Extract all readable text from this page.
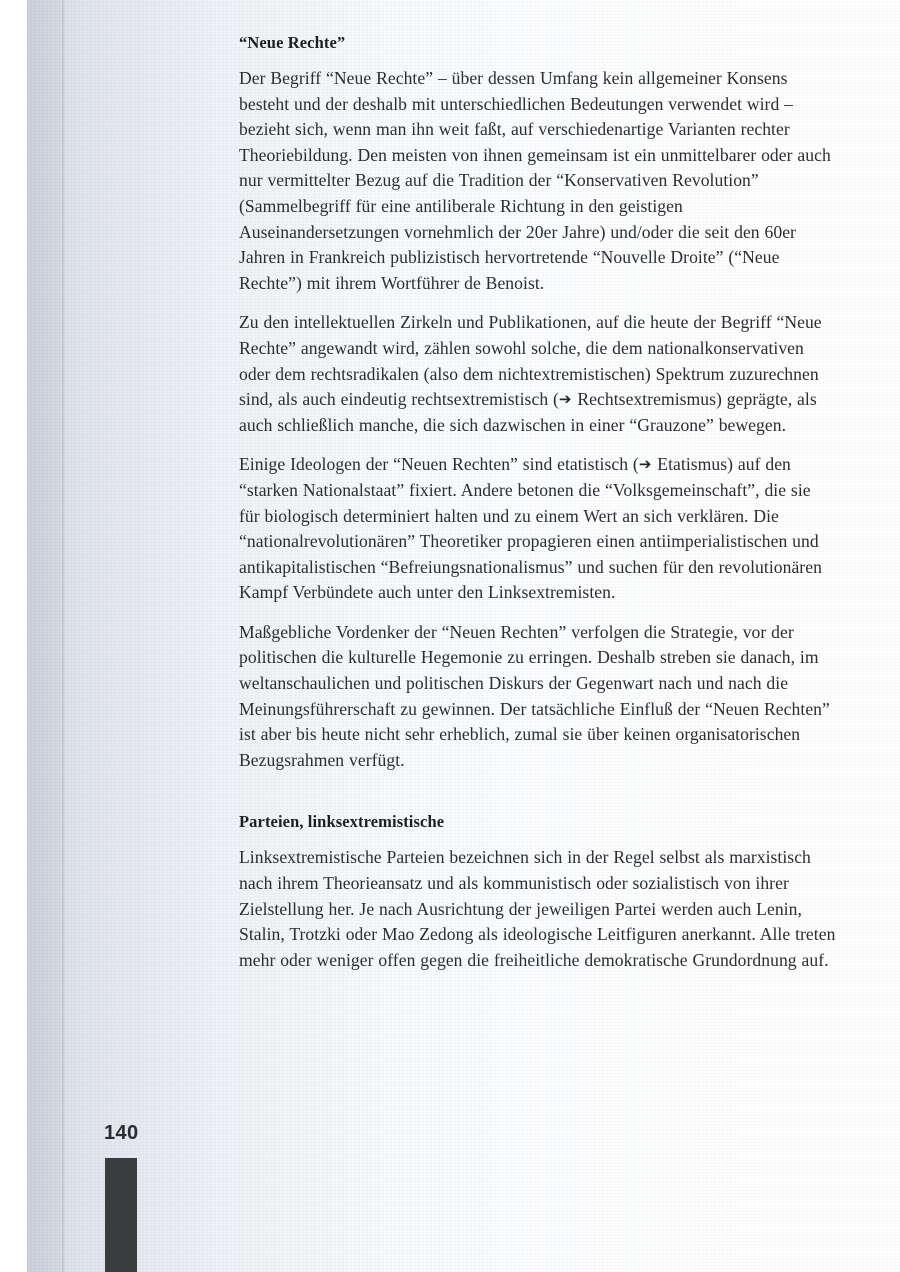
“Neue Rechte”

Der Begriff “Neue Rechte” – über dessen Umfang kein allgemeiner Konsens besteht und der deshalb mit unterschiedlichen Bedeutungen verwendet wird – bezieht sich, wenn man ihn weit faßt, auf verschiedenartige Varianten rechter Theoriebildung. Den meisten von ihnen gemeinsam ist ein unmittelbarer oder auch nur vermittelter Bezug auf die Tradition der “Konservativen Revolution” (Sammelbegriff für eine antiliberale Richtung in den geistigen Auseinandersetzungen vornehmlich der 20er Jahre) und/oder die seit den 60er Jahren in Frankreich publizistisch hervortretende “Nouvelle Droite” (“Neue Rechte”) mit ihrem Wortführer de Benoist.

Zu den intellektuellen Zirkeln und Publikationen, auf die heute der Begriff “Neue Rechte” angewandt wird, zählen sowohl solche, die dem nationalkonservativen oder dem rechtsradikalen (also dem nichtextremistischen) Spektrum zuzurechnen sind, als auch eindeutig rechtsextremistisch (➔ Rechtsextremismus) geprägte, als auch schließlich manche, die sich dazwischen in einer “Grauzone” bewegen.

Einige Ideologen der “Neuen Rechten” sind etatistisch (➔ Etatismus) auf den “starken Nationalstaat” fixiert. Andere betonen die “Volksgemeinschaft”, die sie für biologisch determiniert halten und zu einem Wert an sich verklären. Die “nationalrevolutionären” Theoretiker propagieren einen antiimperialistischen und antikapitalistischen “Befreiungsnationalismus” und suchen für den revolutionären Kampf Verbündete auch unter den Linksextremisten.

Maßgebliche Vordenker der “Neuen Rechten” verfolgen die Strategie, vor der politischen die kulturelle Hegemonie zu erringen. Deshalb streben sie danach, im weltanschaulichen und politischen Diskurs der Gegenwart nach und nach die Meinungsführerschaft zu gewinnen. Der tatsächliche Einfluß der “Neuen Rechten” ist aber bis heute nicht sehr erheblich, zumal sie über keinen organisatorischen Bezugsrahmen verfügt.

Parteien, linksextremistische

Linksextremistische Parteien bezeichnen sich in der Regel selbst als marxistisch nach ihrem Theorieansatz und als kommunistisch oder sozialistisch von ihrer Zielstellung her. Je nach Ausrichtung der jeweiligen Partei werden auch Lenin, Stalin, Trotzki oder Mao Zedong als ideologische Leitfiguren anerkannt. Alle treten mehr oder weniger offen gegen die freiheitliche demokratische Grundordnung auf.

140
